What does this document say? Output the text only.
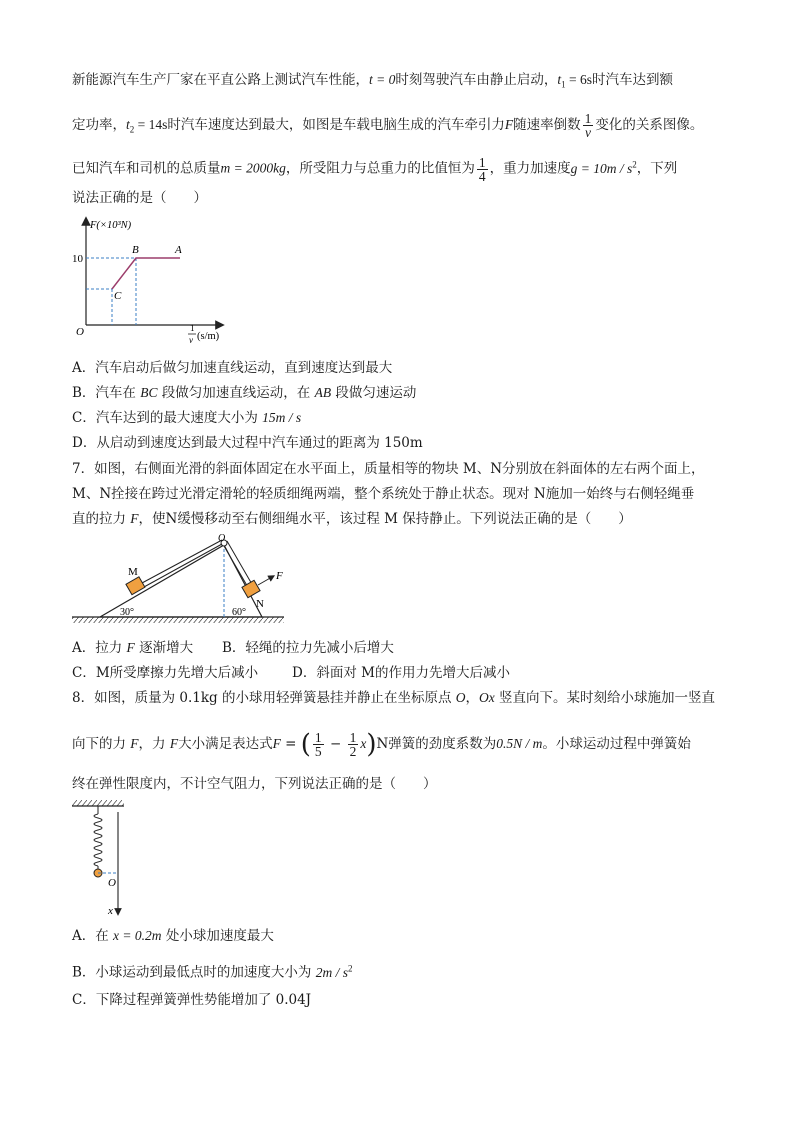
新能源汽车生产厂家在平直公路上测试汽车性能，t = 0时刻驾驶汽车由静止启动，$t_1 = 6s$时汽车达到额
定功率，$t_2 = 14s$时汽车速度达到最大，如图是车载电脑生成的汽车牵引力F随速率倒数 $\frac{1}{v}$ 变化的关系图像。
已知汽车和司机的总质量m = 2000kg，所受阻力与总重力的比值恒为 $\frac{1}{4}$ ，重力加速度$g = 10m / s^2$，下列
说法正确的是（　　）
F(×10³N)
10
O
B	A
C
1
v (s/m)
A．汽车启动后做匀加速直线运动，直到速度达到最大
B．汽车在 BC 段做匀加速直线运动，在 AB 段做匀速运动
C．汽车达到的最大速度大小为 15m / s
D．从启动到速度达到最大过程中汽车通过的距离为 150m
7．如图，右侧面光滑的斜面体固定在水平面上，质量相等的物块 M、N分别放在斜面体的左右两个面上，
M、N拴接在跨过光滑定滑轮的轻质细绳两端，整个系统处于静止状态。现对 N施加一始终与右侧轻绳垂
直的拉力 F，使N缓慢移动至右侧细绳水平，该过程 M 保持静止。下列说法正确的是（　　）
O
M
N
F
30°	60°
A．拉力 F 逐渐增大 B．轻绳的拉力先减小后增大
C．M所受摩擦力先增大后减小	D．斜面对 M的作用力先增大后减小
8．如图，质量为 0.1kg 的小球用轻弹簧悬挂并静止在坐标原点 O，Ox 竖直向下。某时刻给小球施加一竖直
向下的力 F，力 F大小满足表达式F = ( $\frac{1}{5} - \frac{1}{2} x)N$弹簧的劲度系数为0.5N / m。小球运动过程中弹簧始
终在弹性限度内，不计空气阻力，下列说法正确的是（　　）
O
x
A．在 x = 0.2m 处小球加速度最大
B．小球运动到最低点时的加速度大小为 $2m / s^2$
C．下降过程弹簧弹性势能增加了 0.04J
